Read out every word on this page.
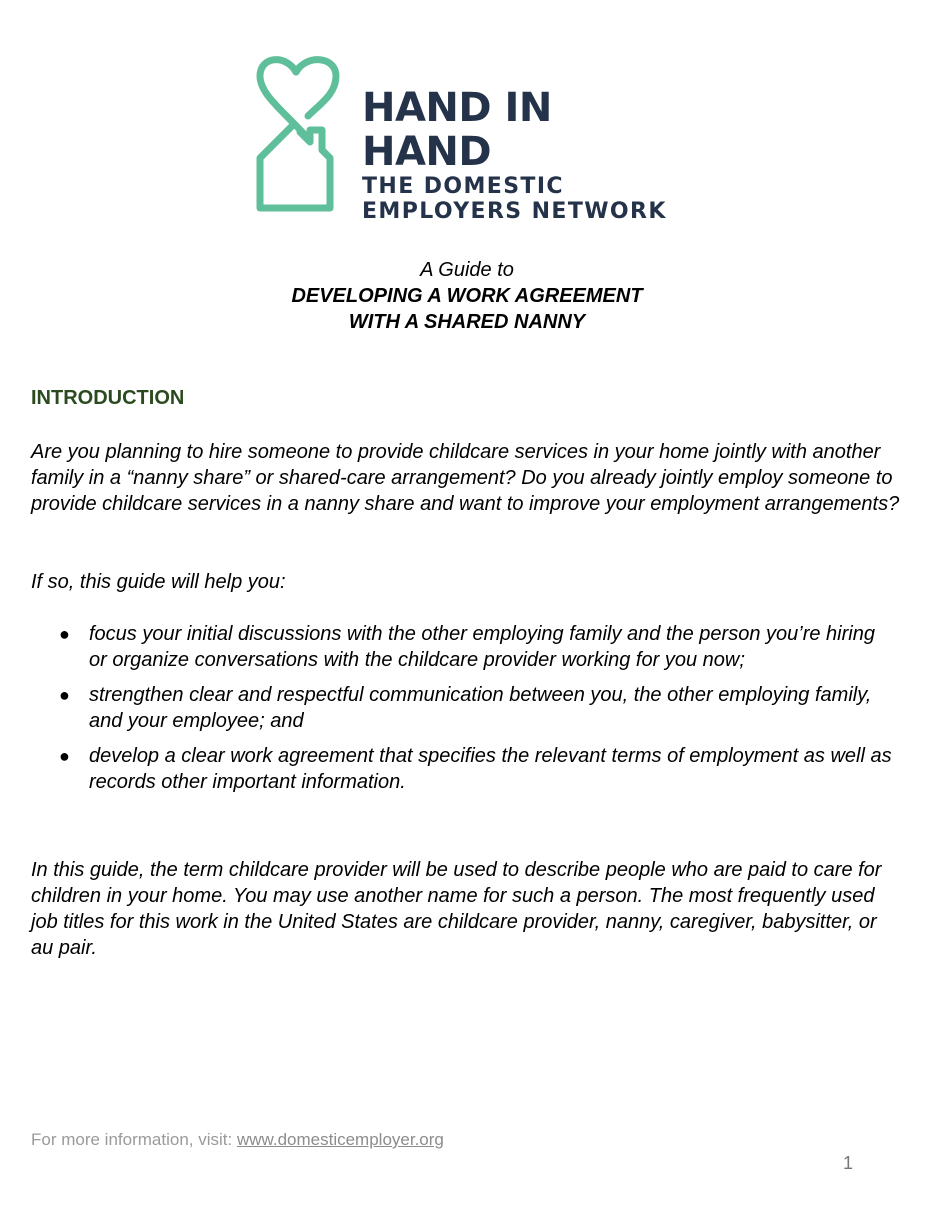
HAND IN HAND
THE DOMESTIC
EMPLOYERS NETWORK
A Guide to
DEVELOPING A WORK AGREEMENT
WITH A SHARED NANNY
INTRODUCTION

Are you planning to hire someone to provide childcare services in your home jointly with another family in a “nanny share” or shared-care arrangement? Do you already jointly employ someone to provide childcare services in a nanny share and want to improve your employment arrangements?

If so, this guide will help you:

● focus your initial discussions with the other employing family and the person you’re hiring or organize conversations with the childcare provider working for you now;
● strengthen clear and respectful communication between you, the other employing family, and your employee; and
● develop a clear work agreement that specifies the relevant terms of employment as well as records other important information.

In this guide, the term childcare provider will be used to describe people who are paid to care for children in your home. You may use another name for such a person. The most frequently used job titles for this work in the United States are childcare provider, nanny, caregiver, babysitter, or au pair.

For more information, visit: www.domesticemployer.org
1
